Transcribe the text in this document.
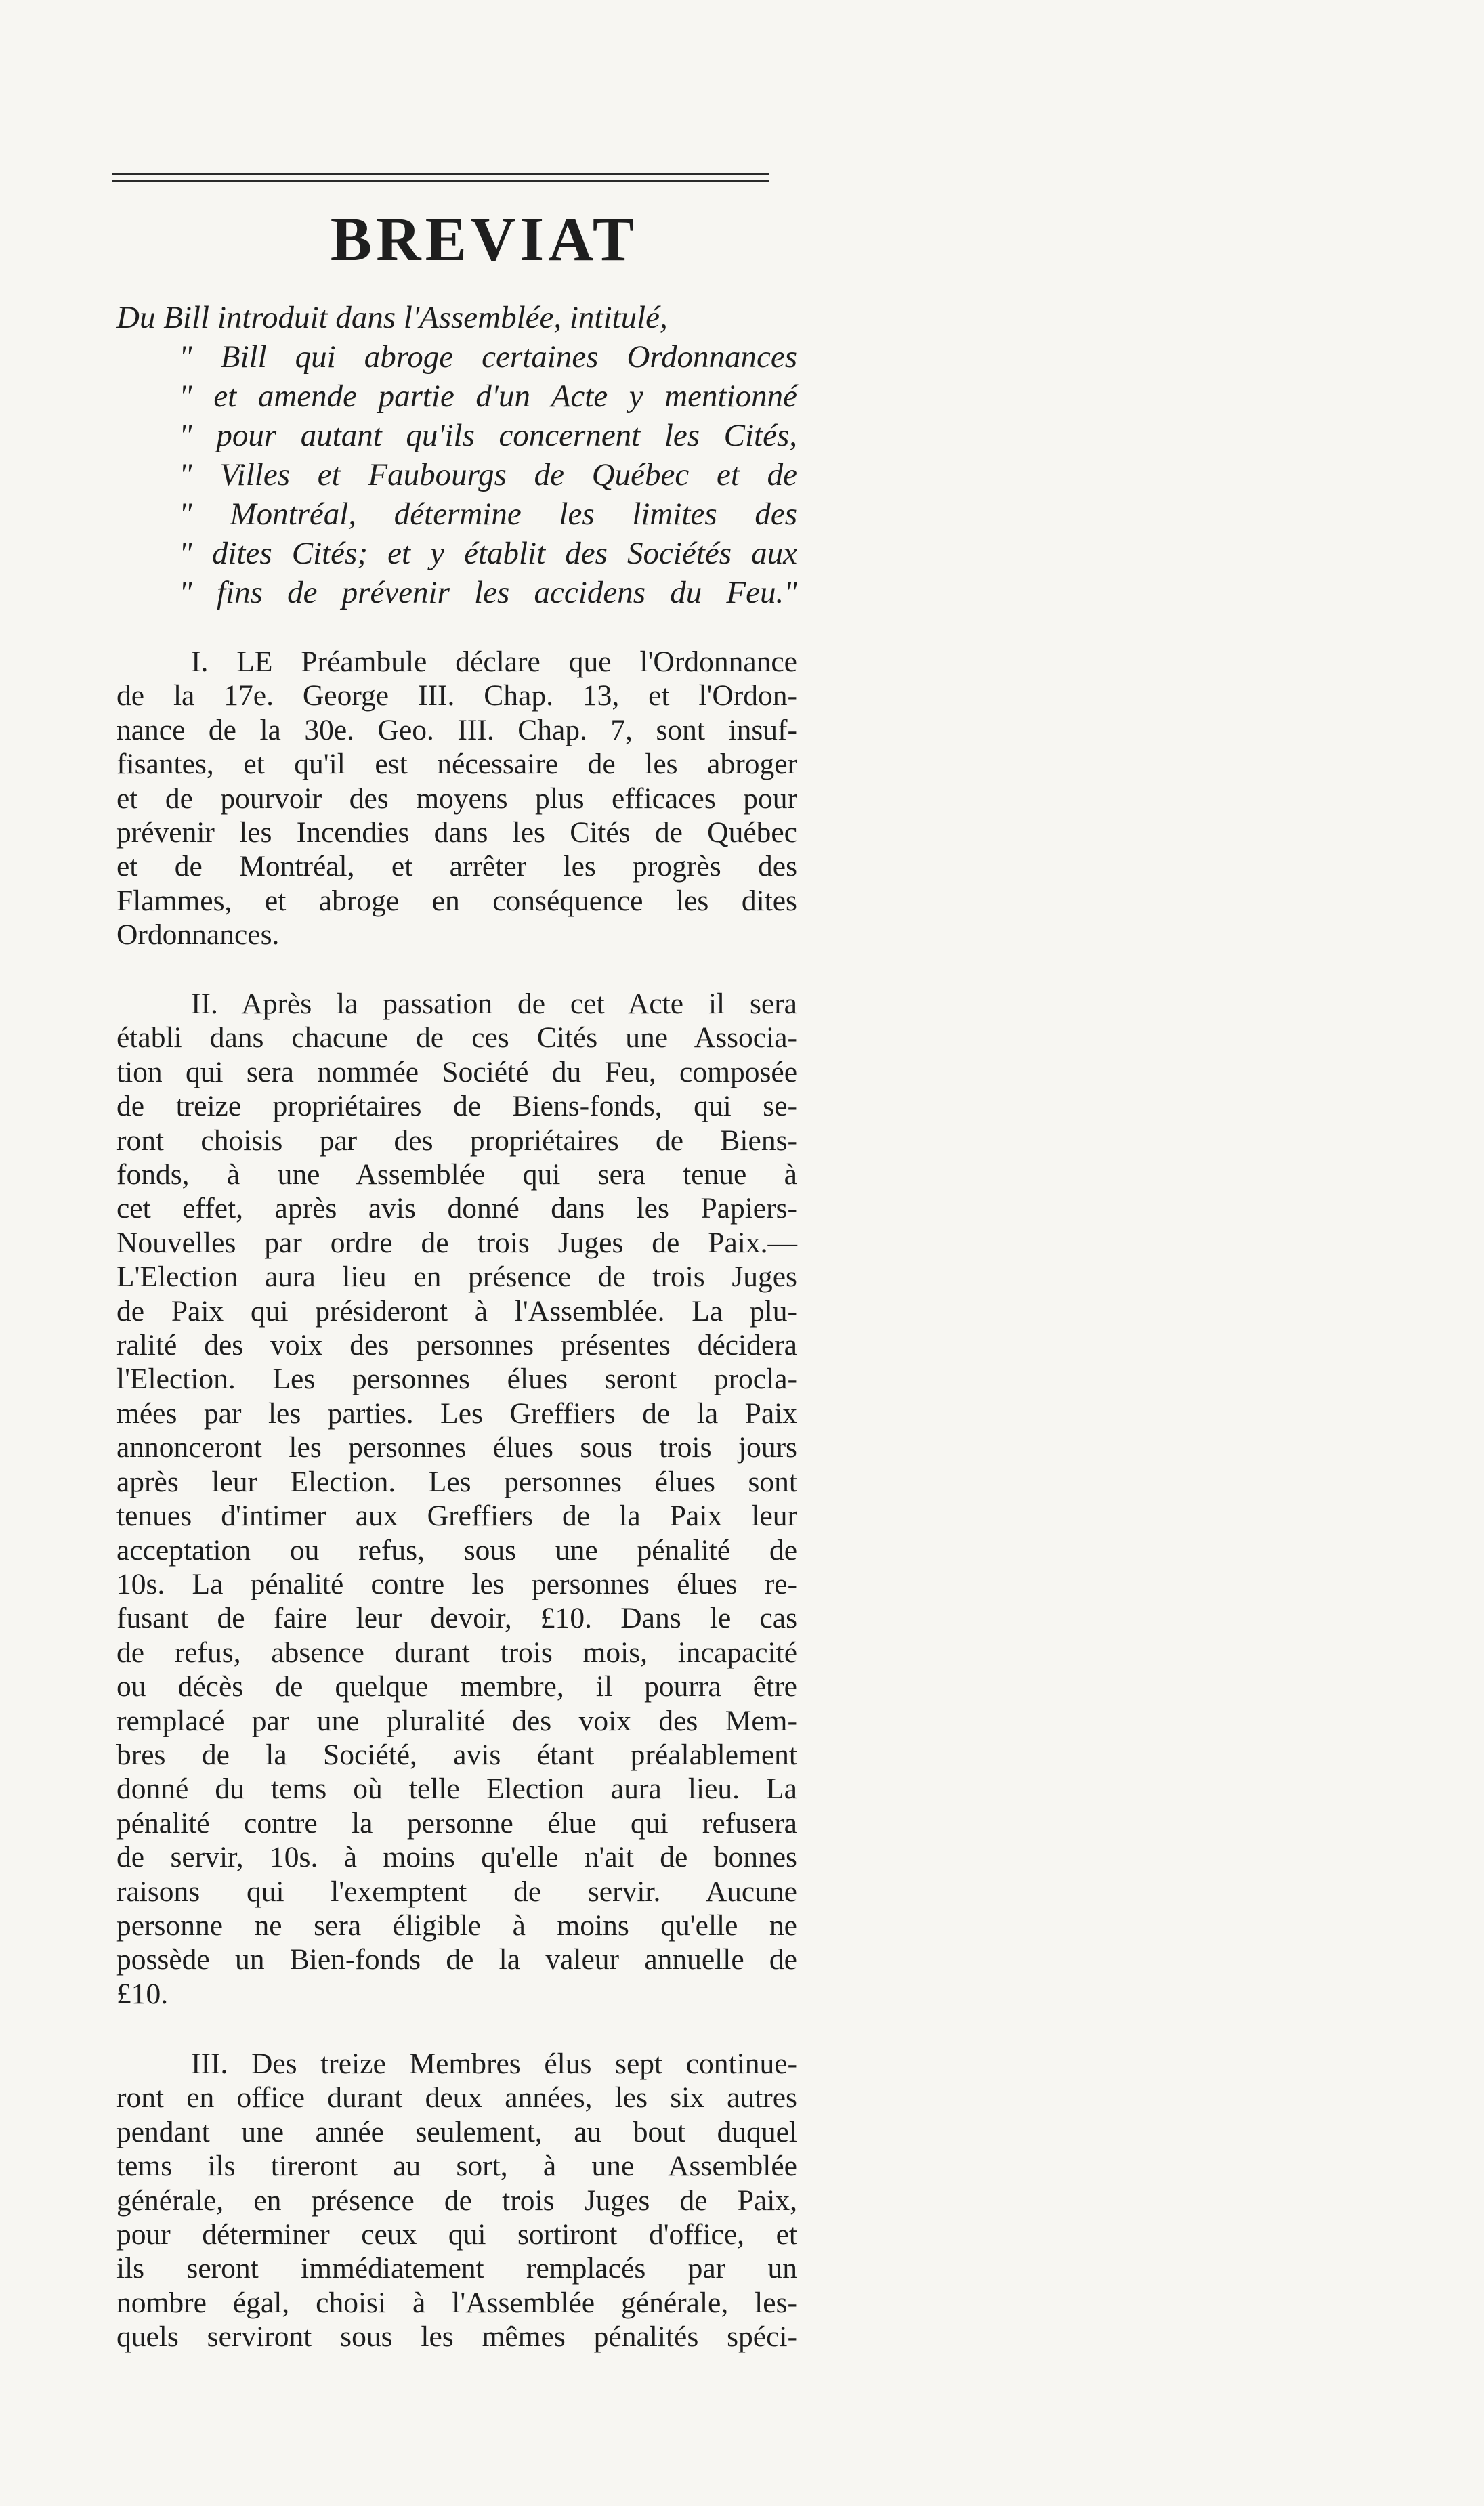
BREVIAT
Du Bill introduit dans l'Assemblée, intitulé,
" Bill qui abroge certaines Ordonnances
" et amende partie d'un Acte y mentionné
" pour autant qu'ils concernent les Cités,
" Villes et Faubourgs de Québec et de
" Montréal, détermine les limites des
" dites Cités; et y établit des Sociétés aux
" fins de prévenir les accidens du Feu."
I. LE Préambule déclare que l'Ordonnance
de la 17e. George III. Chap. 13, et l'Ordon-
nance de la 30e. Geo. III. Chap. 7, sont insuf-
fisantes, et qu'il est nécessaire de les abroger
et de pourvoir des moyens plus efficaces pour
prévenir les Incendies dans les Cités de Québec
et de Montréal, et arrêter les progrès des
Flammes, et abroge en conséquence les dites
Ordonnances.
II. Après la passation de cet Acte il sera
établi dans chacune de ces Cités une Associa-
tion qui sera nommée Société du Feu, composée
de treize propriétaires de Biens-fonds, qui se-
ront choisis par des propriétaires de Biens-
fonds, à une Assemblée qui sera tenue à
cet effet, après avis donné dans les Papiers-
Nouvelles par ordre de trois Juges de Paix.—
L'Election aura lieu en présence de trois Juges
de Paix qui présideront à l'Assemblée. La plu-
ralité des voix des personnes présentes décidera
l'Election. Les personnes élues seront procla-
mées par les parties. Les Greffiers de la Paix
annonceront les personnes élues sous trois jours
après leur Election. Les personnes élues sont
tenues d'intimer aux Greffiers de la Paix leur
acceptation ou refus, sous une pénalité de
10s. La pénalité contre les personnes élues re-
fusant de faire leur devoir, £10. Dans le cas
de refus, absence durant trois mois, incapacité
ou décès de quelque membre, il pourra être
remplacé par une pluralité des voix des Mem-
bres de la Société, avis étant préalablement
donné du tems où telle Election aura lieu. La
pénalité contre la personne élue qui refusera
de servir, 10s. à moins qu'elle n'ait de bonnes
raisons qui l'exemptent de servir. Aucune
personne ne sera éligible à moins qu'elle ne
possède un Bien-fonds de la valeur annuelle de
£10.
III. Des treize Membres élus sept continue-
ront en office durant deux années, les six autres
pendant une année seulement, au bout duquel
tems ils tireront au sort, à une Assemblée
générale, en présence de trois Juges de Paix,
pour déterminer ceux qui sortiront d'office, et
ils seront immédiatement remplacés par un
nombre égal, choisi à l'Assemblée générale, les-
quels serviront sous les mêmes pénalités spéci-
